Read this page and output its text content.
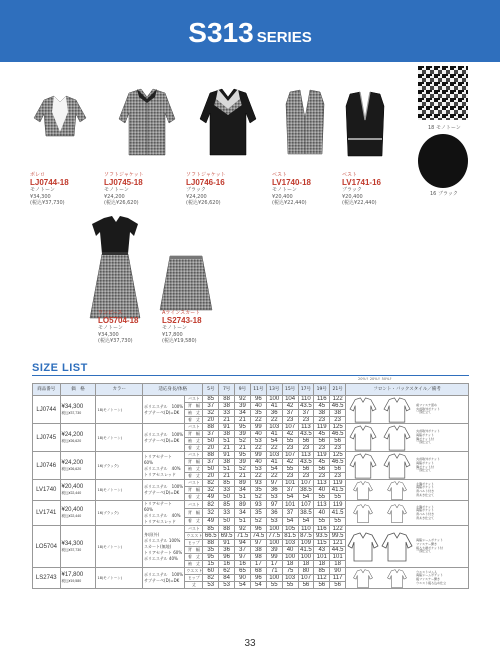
S313 SERIES
18 モノトーン
16 ブラック
ボレロ
LJ0744-18
モノトーン
¥34,300
(税込¥37,730)
ソフトジャケット
LJ0745-18
モノトーン
¥24,200
(税込¥26,620)
ソフトジャケット
LJ0746-16
ブラック
¥24,200
(税込¥26,620)
ベスト
LV1740-18
モノトーン
¥20,400
(税込¥22,440)
ベスト
LV1741-16
ブラック
¥20,400
(税込¥22,440)
ワンピース
LO5704-18
モノトーン
¥34,300
(税込¥37,730)
Aラインスカート
LS2743-18
モノトーン
¥17,800
(税込¥19,580)
SIZE LIST
20%↑ 20%↑ 50%↑
商品番号	価　格	カラー	适応身長/体格		5号	7号	9号	11号	13号	15号	17号	19号	21号	フロント・バックスタイル／備考
LJ0744	¥34,300
税込¥37,730	18(モノトーン)	ポリエステル　100%
サブテーペ(D)=DK	バスト	85	88	92	96	100	104	110	116	122	前ファスナ留め
丸首取外ポケット
一部仕立て
				背　幅	37	38	39	40	41	42	43.5	45	46.5	
				袖　丈	32	33	34	35	36	37	37	38	38	
				着　丈	20	21	21	22	22	23	23	23	23	
LJ0745	¥24,200
税込¥26,620	18(モノトーン)	ポリエステル　100%
サブテーペ(D)=DK	バスト	88	91	95	99	103	107	113	119	125	丸首取外ポケット
両脇ポケット
胸ポケット付
一部仕立て
				背　幅	37	38	39	40	41	42	43.5	45	46.5	
				袖　丈	50	51	52	53	54	55	56	56	56	
				着　丈	20	21	21	22	22	23	23	23	23	
LJ0746	¥24,200
税込¥26,620	16(ブラック)	トリアセテート　60%
ポリエステル　40%
トリアセスレッド	バスト	88	91	95	99	103	107	113	119	125	丸首取外ポケット
両脇ポケット
胸ポケット付
一部仕立て
				背　幅	37	38	39	40	41	42	43.5	45	46.5	
				袖　丈	50	51	52	53	54	55	56	56	56	
				着　丈	20	21	21	22	22	23	23	23	23	
LV1740	¥20,400
税込¥22,440	18(モノトーン)	ポリエステル　100%
サブテーペ(D)=DK	バスト	82	85	89	93	97	101	107	113	119	左胸ポケット
両脇ポケット
背ベルト付き
背あき仕立て
				背　幅	32	33	34	35	36	37	38.5	40	41.5	
				着　丈	49	50	51	52	53	54	54	55	55	
LV1741	¥20,400
税込¥22,440	16(ブラック)	トリアセテート　60%
ポリエステル　40%
トリアセスレッド	バスト	82	85	89	93	97	101	107	113	119	左胸ポケット
両脇ポケット
背ベルト付き
背あき仕立て
				背　幅	32	33	34	35	36	37	38.5	40	41.5	
				着　丈	49	50	51	52	53	54	54	55	55	
LO5704	¥34,300
税込¥37,730	18(モノトーン)	身頃(外)
ポリエステル 100%
スカート(無地)
トリアセテート 60%
ポリエステル 40%	バスト	85	88	92	96	100	105	110	116	122	両脇シームポケット
ファスナー開き
後ろ大裾ポケット付
一部仕立て
				ウエスト	66.5	69.5	71.5	74.5	77.5	81.5	87.5	93.5	99.5	
				ヒップ	88	91	94	97	100	103	109	115	121	
				背　幅	35	36	37	38	39	40	41.5	43	44.5	
				着　丈	95	96	97	98	99	100	100	101	101	
				袖　丈	15	16	16	17	17	18	18	18	18	
LS2743	¥17,800
税込¥19,580	18(モノトーン)	ポリエステル　100%
サブテーペ(D)=DK	ウエスト	60	62	65	68	71	75	80	85	90	ウエストゴム入
両脇シームポケット
後ファスナー開き
ウエスト後ろ込め仕立
				ヒップ	82	84	90	96	100	103	107	112	117	
				丈	53	53	54	54	55	55	56	56	56	
33
